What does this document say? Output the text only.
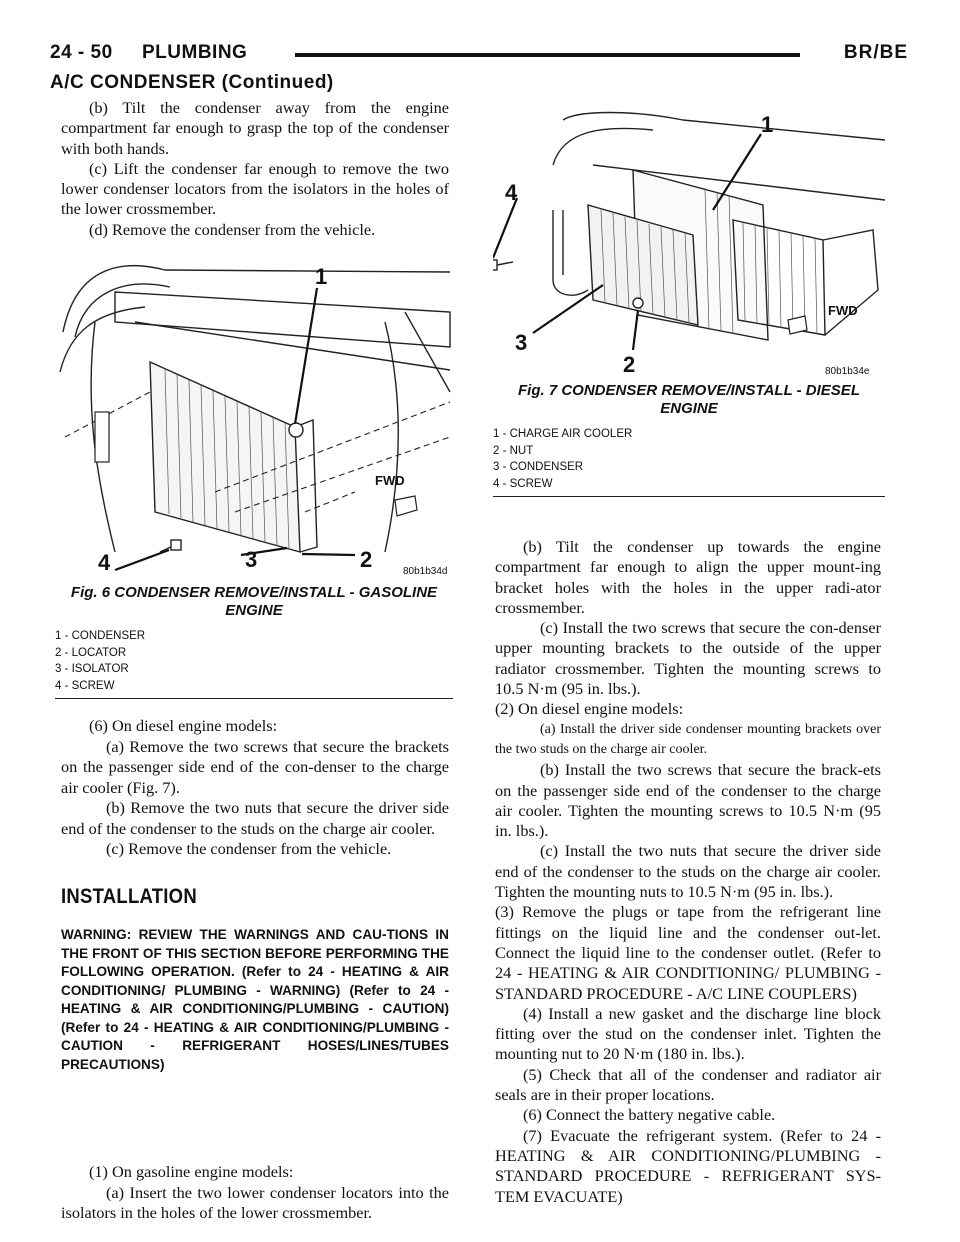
24 - 50 PLUMBING	BR/BE
A/C CONDENSER (Continued)

(b) Tilt the condenser away from the engine compartment far enough to grasp the top of the condenser with both hands.

(c) Lift the condenser far enough to remove the two lower condenser locators from the isolators in the holes of the lower crossmember.

(d) Remove the condenser from the vehicle.

1
2
3
4
FWD
80b1b34d
Fig. 6 CONDENSER REMOVE/INSTALL - GASOLINE ENGINE
1 - CONDENSER
2 - LOCATOR
3 - ISOLATOR
4 - SCREW

(6) On diesel engine models:

(a) Remove the two screws that secure the brackets on the passenger side end of the con-denser to the charge air cooler (Fig. 7).

(b) Remove the two nuts that secure the driver side end of the condenser to the studs on the charge air cooler.

(c) Remove the condenser from the vehicle.

INSTALLATION
WARNING: REVIEW THE WARNINGS AND CAU-TIONS IN THE FRONT OF THIS SECTION BEFORE PERFORMING THE FOLLOWING OPERATION. (Refer to 24 - HEATING & AIR CONDITIONING/ PLUMBING - WARNING) (Refer to 24 - HEATING & AIR CONDITIONING/PLUMBING - CAUTION)(Refer to 24 - HEATING & AIR CONDITIONING/PLUMBING - CAUTION - REFRIGERANT HOSES/LINES/TUBES PRECAUTIONS)

(1) On gasoline engine models:

(a) Insert the two lower condenser locators into the isolators in the holes of the lower crossmember.

1
2
3
4
FWD
80b1b34e
Fig. 7 CONDENSER REMOVE/INSTALL - DIESEL ENGINE
1 - CHARGE AIR COOLER
2 - NUT
3 - CONDENSER
4 - SCREW

(b) Tilt the condenser up towards the engine compartment far enough to align the upper mount-ing bracket holes with the holes in the upper radi-ator crossmember.

(c) Install the two screws that secure the con-denser upper mounting brackets to the outside of the upper radiator crossmember. Tighten the mounting screws to 10.5 N·m (95 in. lbs.).

(2) On diesel engine models:

(a) Install the driver side condenser mounting brackets over the two studs on the charge air cooler.

(b) Install the two screws that secure the brack-ets on the passenger side end of the condenser to the charge air cooler. Tighten the mounting screws to 10.5 N·m (95 in. lbs.).

(c) Install the two nuts that secure the driver side end of the condenser to the studs on the charge air cooler. Tighten the mounting nuts to 10.5 N·m (95 in. lbs.).

(3) Remove the plugs or tape from the refrigerant line fittings on the liquid line and the condenser out-let. Connect the liquid line to the condenser outlet. (Refer to 24 - HEATING & AIR CONDITIONING/ PLUMBING - STANDARD PROCEDURE - A/C LINE COUPLERS)

(4) Install a new gasket and the discharge line block fitting over the stud on the condenser inlet. Tighten the mounting nut to 20 N·m (180 in. lbs.).

(5) Check that all of the condenser and radiator air seals are in their proper locations.

(6) Connect the battery negative cable.

(7) Evacuate the refrigerant system. (Refer to 24 - HEATING & AIR CONDITIONING/PLUMBING - STANDARD PROCEDURE - REFRIGERANT SYS-TEM EVACUATE)
